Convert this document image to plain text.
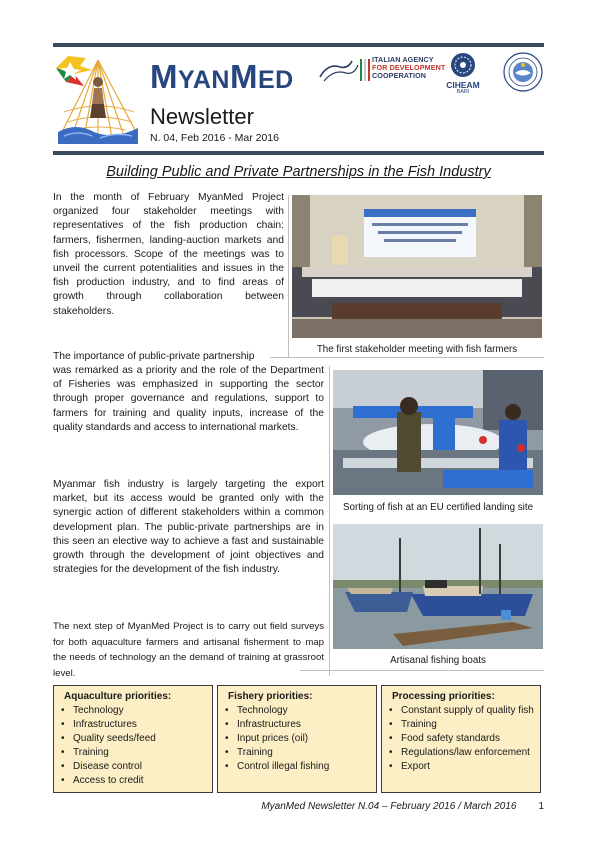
MYANMED
Newsletter
N. 04, Feb 2016 - Mar 2016
ITALIAN AGENCY
FOR DEVELOPMENT
COOPERATION
CIHEAM
BARI
Building Public and Private Partnerships in the Fish Industry

In the month of February MyanMed Project organized four stakeholder meetings with representatives of the fish production chain: farmers, fishermen, landing-auction markets and fish processors. Scope of the meetings was to unveil the current potentialities and issues in the fish production industry, and to find areas of growth through collaboration between stakeholders.

The importance of public-private partnership

was remarked as a priority and the role of the Department of Fisheries was emphasized in supporting the sector through proper governance and regulations, support to farmers for training and quality inputs, increase of the quality standards and access to international markets.

Myanmar fish industry is largely targeting the export market, but its access would be granted only with the synergic action of different stakeholders within a common development plan. The public-private partnerships are in this seen an elective way to achieve a fast and sustainable growth through the development of joint objectives and strategies for the development of the fish industry.

The next step of MyanMed Project is to carry out field surveys for both aquaculture farmers and artisanal fisherment to map the needs of technology an the demand of training at grassroot level.

The first stakeholder meeting with fish farmers
Sorting of fish at an EU certified landing site
Artisanal fishing boats
Aquaculture priorities:
• Technology
• Infrastructures
• Quality seeds/feed
• Training
• Disease control
• Access to credit
Fishery priorities:
• Technology
• Infrastructures
• Input prices (oil)
• Training
• Control illegal fishing
Processing priorities:
• Constant supply of quality fish
• Training
• Food safety standards
• Regulations/law enforcement
• Export
MyanMed Newsletter N.04 – February 2016 / March 2016 1
